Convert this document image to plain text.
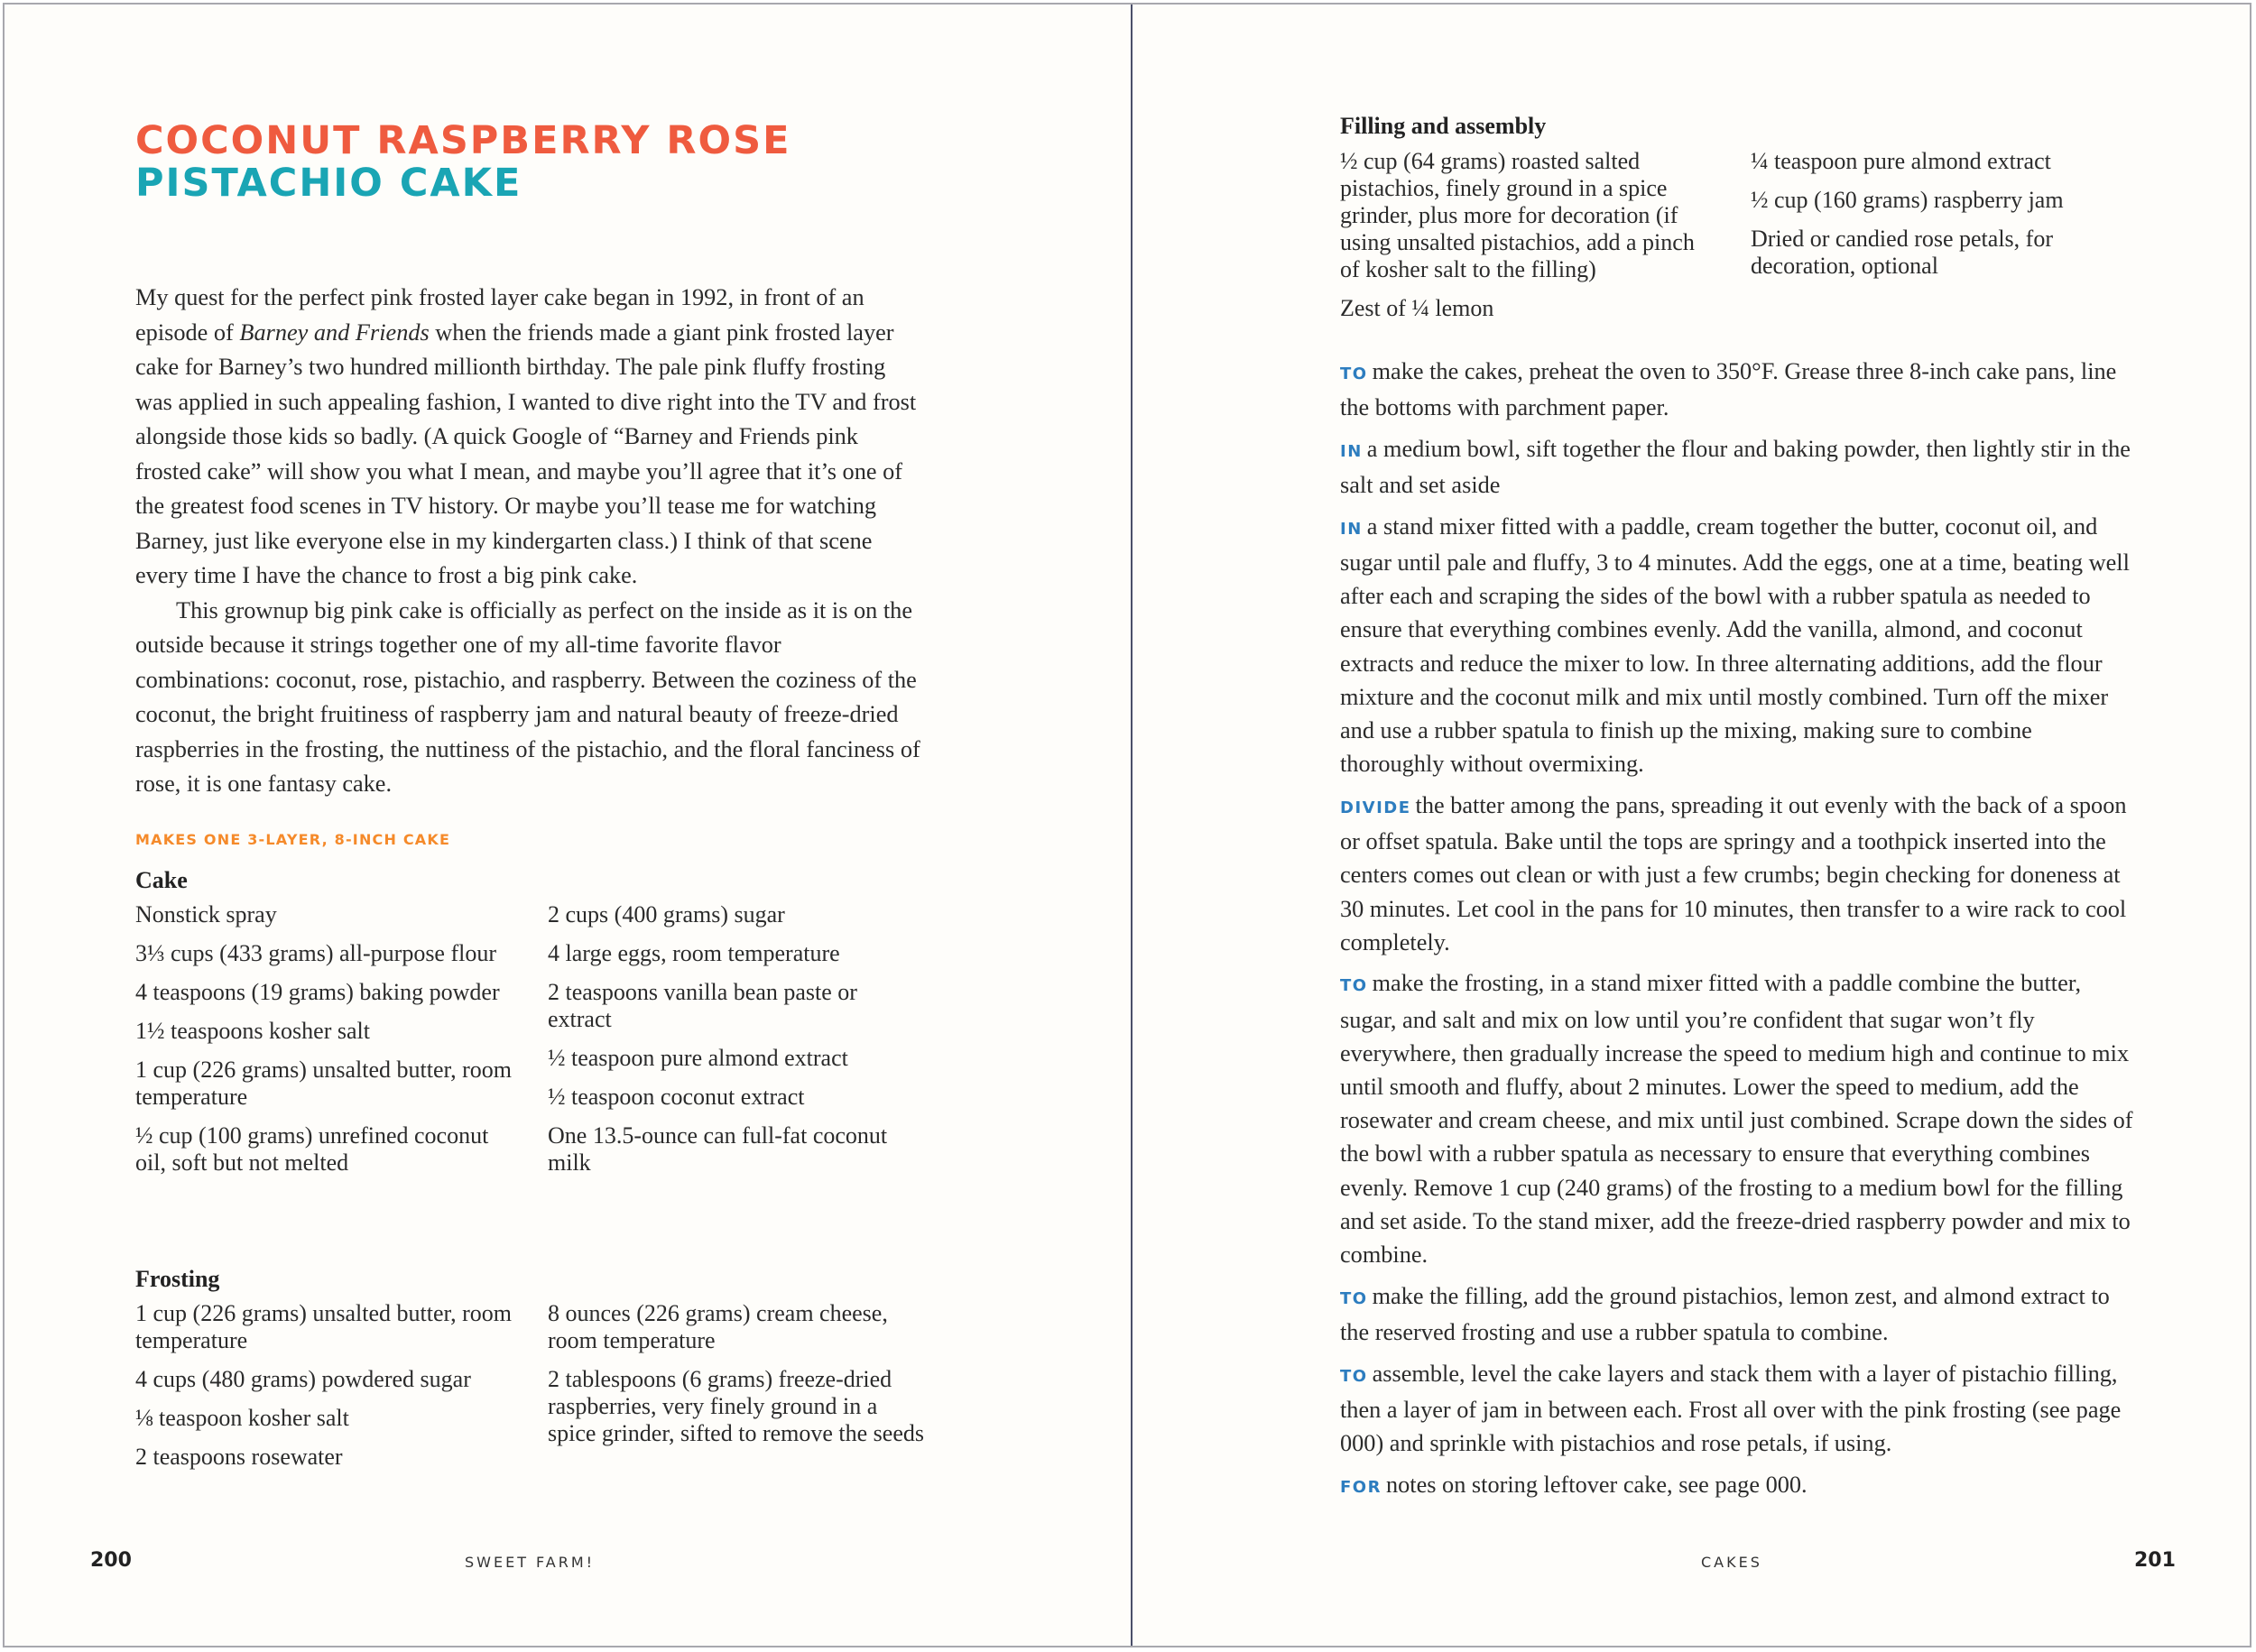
COCONUT RASPBERRY ROSE
PISTACHIO CAKE

My quest for the perfect pink frosted layer cake began in 1992, in front of an episode of Barney and Friends when the friends made a giant pink frosted layer cake for Barney’s two hundred millionth birthday. The pale pink fluffy frosting was applied in such appealing fashion, I wanted to dive right into the TV and frost alongside those kids so badly. (A quick Google of “Barney and Friends pink frosted cake” will show you what I mean, and maybe you’ll agree that it’s one of the greatest food scenes in TV history. Or maybe you’ll tease me for watching Barney, just like everyone else in my kindergarten class.) I think of that scene every time I have the chance to frost a big pink cake.

This grownup big pink cake is officially as perfect on the inside as it is on the outside because it strings together one of my all-time favorite flavor combinations: coconut, rose, pistachio, and raspberry. Between the coziness of the coconut, the bright fruitiness of raspberry jam and natural beauty of freeze-dried raspberries in the frosting, the nuttiness of the pistachio, and the floral fanciness of rose, it is one fantasy cake.

MAKES ONE 3-LAYER, 8-INCH CAKE
Cake
Nonstick spray
3⅓ cups (433 grams) all-purpose flour
4 teaspoons (19 grams) baking powder
1½ teaspoons kosher salt
1 cup (226 grams) unsalted butter, room temperature
½ cup (100 grams) unrefined coconut oil, soft but not melted
2 cups (400 grams) sugar
4 large eggs, room temperature
2 teaspoons vanilla bean paste or extract
½ teaspoon pure almond extract
½ teaspoon coconut extract
One 13.5-ounce can full-fat coconut milk
Frosting
1 cup (226 grams) unsalted butter, room temperature
4 cups (480 grams) powdered sugar
⅛ teaspoon kosher salt
2 teaspoons rosewater
8 ounces (226 grams) cream cheese, room temperature
2 tablespoons (6 grams) freeze-dried raspberries, very finely ground in a spice grinder, sifted to remove the seeds
200	SWEET FARM!
Filling and assembly
½ cup (64 grams) roasted salted pistachios, finely ground in a spice grinder, plus more for decoration (if using unsalted pistachios, add a pinch of kosher salt to the filling)
Zest of ¼ lemon
¼ teaspoon pure almond extract
½ cup (160 grams) raspberry jam
Dried or candied rose petals, for decoration, optional

TO make the cakes, preheat the oven to 350°F. Grease three 8-inch cake pans, line the bottoms with parchment paper.

IN a medium bowl, sift together the flour and baking powder, then lightly stir in the salt and set aside

IN a stand mixer fitted with a paddle, cream together the butter, coconut oil, and sugar until pale and fluffy, 3 to 4 minutes. Add the eggs, one at a time, beating well after each and scraping the sides of the bowl with a rubber spatula as needed to ensure that everything combines evenly. Add the vanilla, almond, and coconut extracts and reduce the mixer to low. In three alternating additions, add the flour mixture and the coconut milk and mix until mostly combined. Turn off the mixer and use a rubber spatula to finish up the mixing, making sure to combine thoroughly without overmixing.

DIVIDE the batter among the pans, spreading it out evenly with the back of a spoon or offset spatula. Bake until the tops are springy and a toothpick inserted into the centers comes out clean or with just a few crumbs; begin checking for doneness at 30 minutes. Let cool in the pans for 10 minutes, then transfer to a wire rack to cool completely.

TO make the frosting, in a stand mixer fitted with a paddle combine the butter, sugar, and salt and mix on low until you’re confident that sugar won’t fly everywhere, then gradually increase the speed to medium high and continue to mix until smooth and fluffy, about 2 minutes. Lower the speed to medium, add the rosewater and cream cheese, and mix until just combined. Scrape down the sides of the bowl with a rubber spatula as necessary to ensure that everything combines evenly. Remove 1 cup (240 grams) of the frosting to a medium bowl for the filling and set aside. To the stand mixer, add the freeze-dried raspberry powder and mix to combine.

TO make the filling, add the ground pistachios, lemon zest, and almond extract to the reserved frosting and use a rubber spatula to combine.

TO assemble, level the cake layers and stack them with a layer of pistachio filling, then a layer of jam in between each. Frost all over with the pink frosting (see page 000) and sprinkle with pistachios and rose petals, if using.

FOR notes on storing leftover cake, see page 000.

CAKES	201
